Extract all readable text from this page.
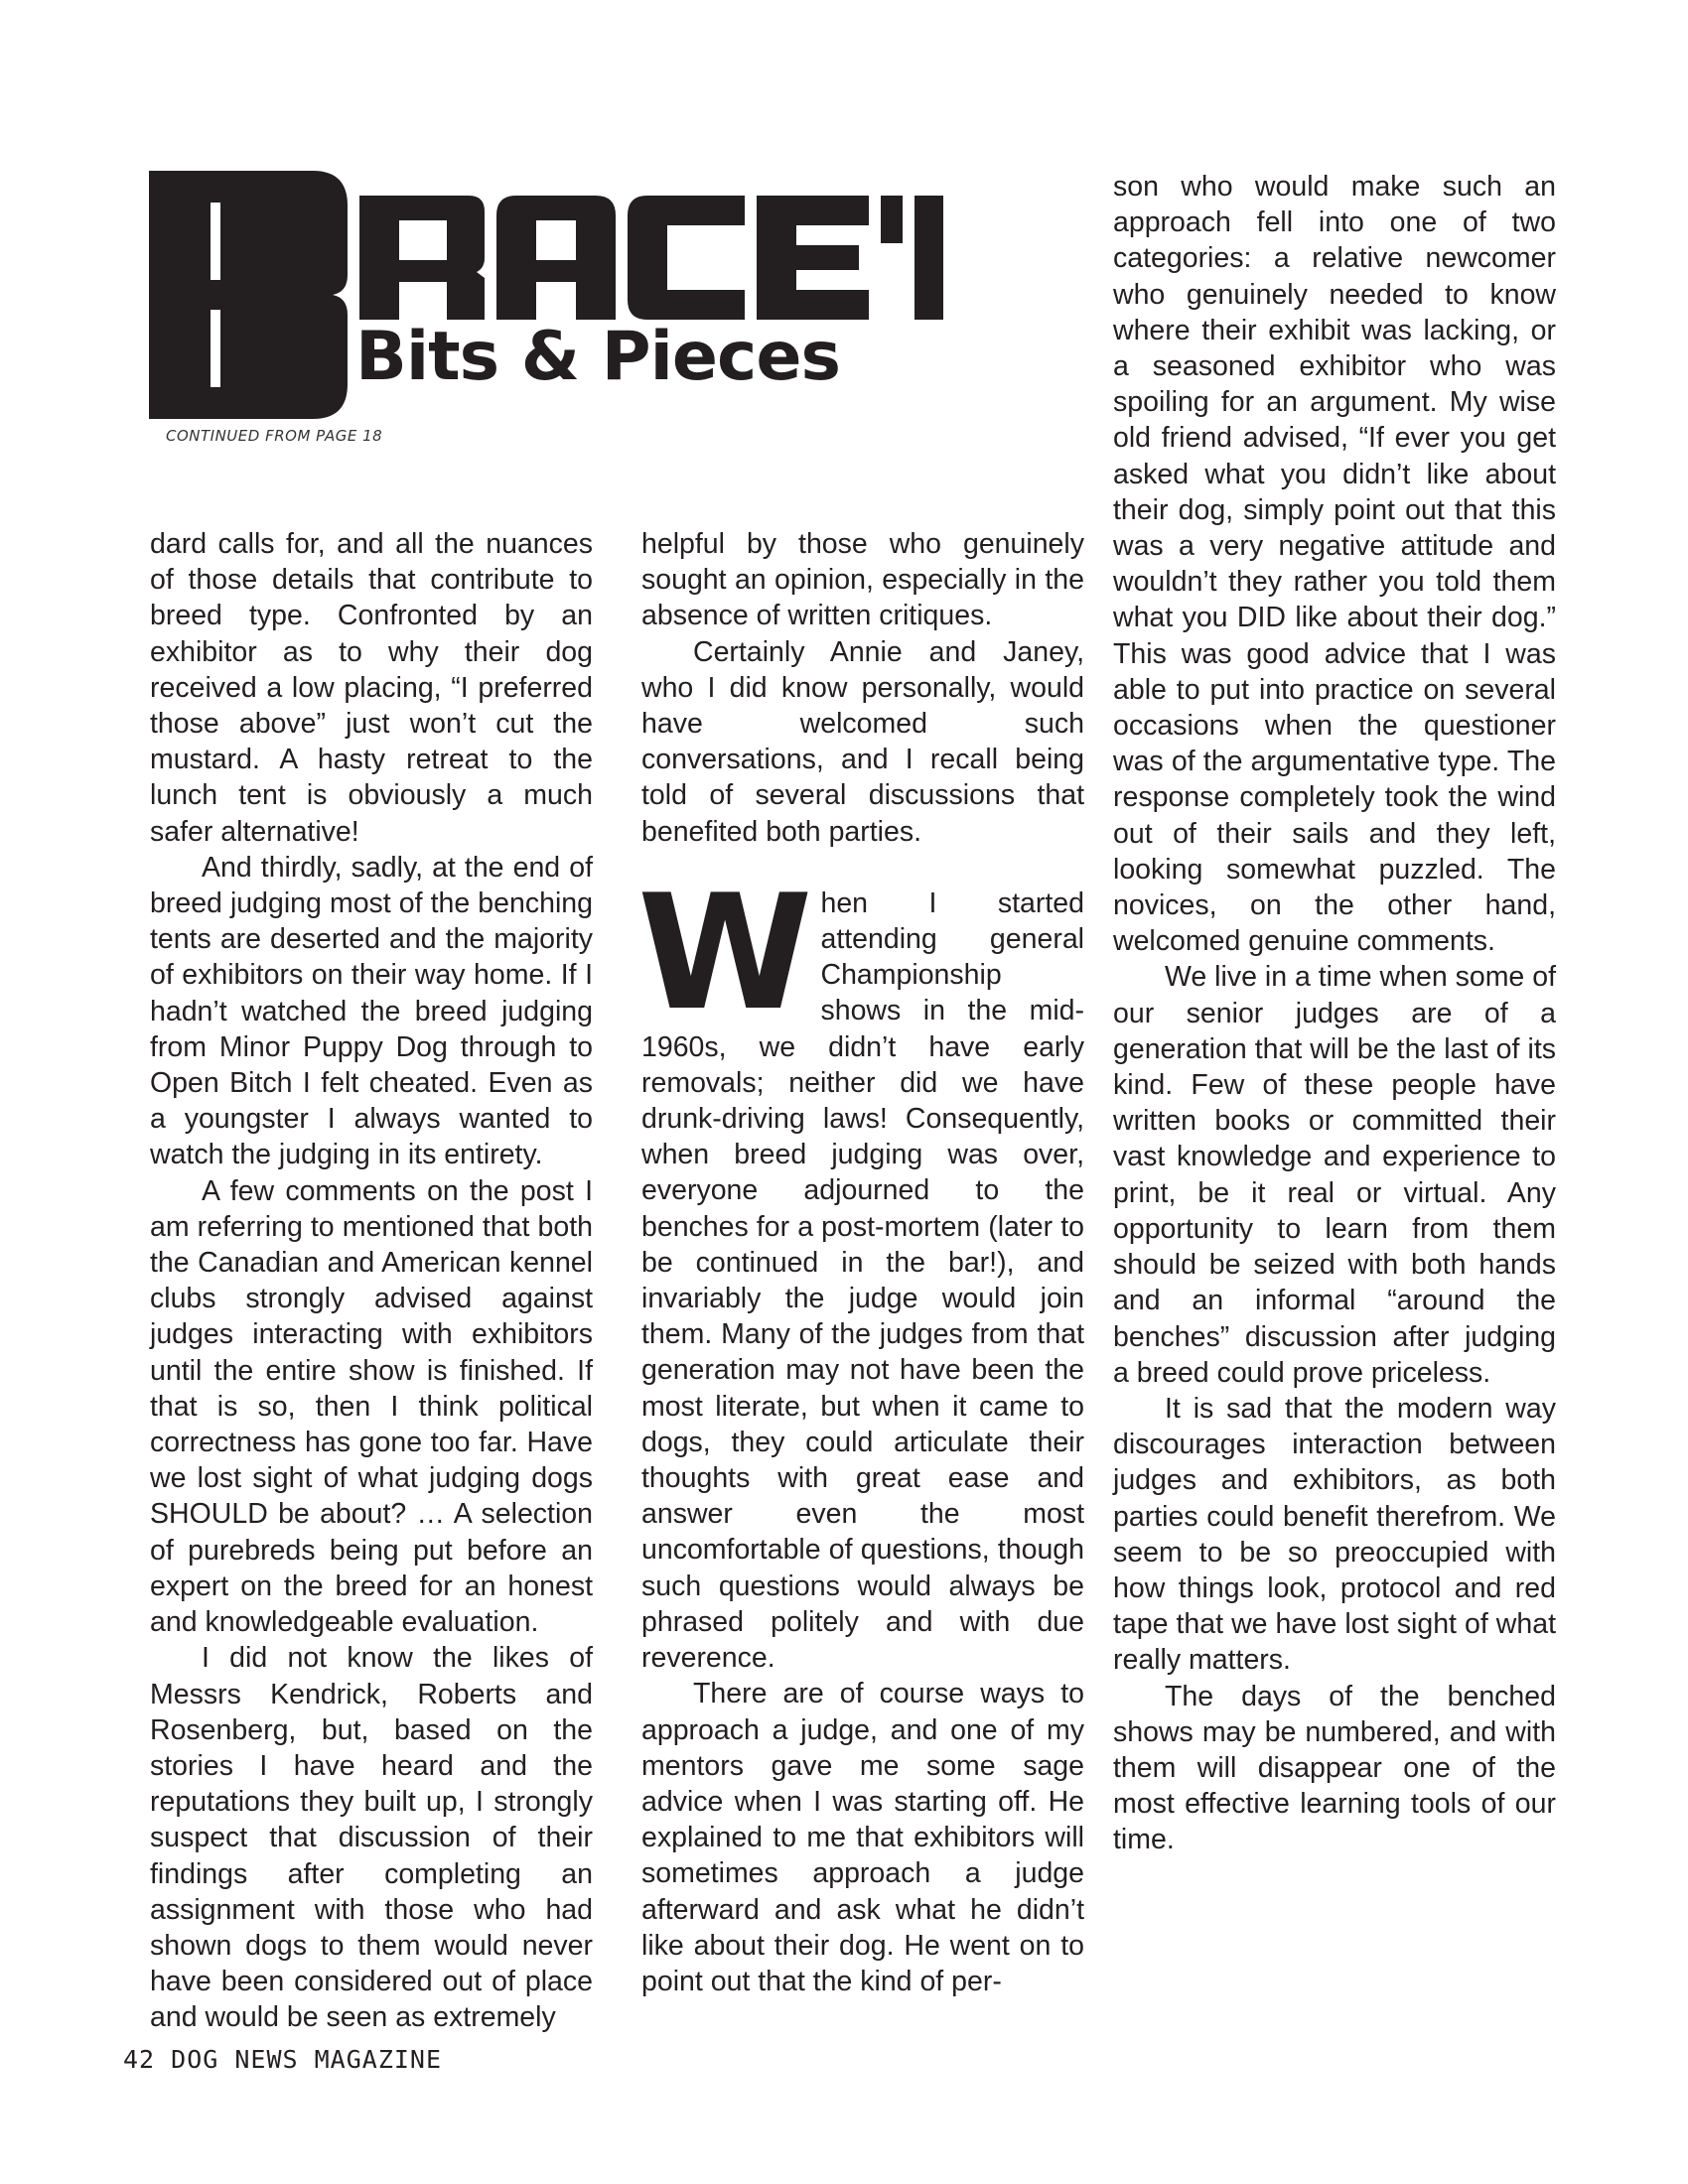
Bits & Pieces
CONTINUED FROM PAGE 18

dard calls for, and all the nuances of those details that contribute to breed type. Confronted by an exhibitor as to why their dog received a low placing, “I preferred those above” just won’t cut the mustard. A hasty retreat to the lunch tent is obviously a much safer alternative!

And thirdly, sadly, at the end of breed judging most of the benching tents are deserted and the majority of exhibitors on their way home. If I hadn’t watched the breed judging from Minor Puppy Dog through to Open Bitch I felt cheated. Even as a youngster I always wanted to watch the judging in its entirety.

A few comments on the post I am referring to mentioned that both the Canadian and American kennel clubs strongly advised against judges interacting with exhibitors until the entire show is finished. If that is so, then I think political correctness has gone too far. Have we lost sight of what judging dogs SHOULD be about? … A selection of purebreds being put before an expert on the breed for an honest and knowledgeable evaluation.

I did not know the likes of Messrs Kendrick, Roberts and Rosenberg, but, based on the stories I have heard and the reputations they built up, I strongly suspect that discussion of their findings after completing an assignment with those who had shown dogs to them would never have been considered out of place and would be seen as extremely

helpful by those who genuinely sought an opinion, especially in the absence of written critiques.

Certainly Annie and Janey, who I did know personally, would have welcomed such conversations, and I recall being told of several discussions that benefited both parties.

When I started attending general Championship shows in the mid-1960s, we didn’t have early removals; neither did we have drunk-driving laws! Consequently, when breed judging was over, everyone adjourned to the benches for a post-mortem (later to be continued in the bar!), and invariably the judge would join them. Many of the judges from that generation may not have been the most literate, but when it came to dogs, they could articulate their thoughts with great ease and answer even the most uncomfortable of questions, though such questions would always be phrased politely and with due reverence.

There are of course ways to approach a judge, and one of my mentors gave me some sage advice when I was starting off. He explained to me that exhibitors will sometimes approach a judge afterward and ask what he didn’t like about their dog. He went on to point out that the kind of per-

son who would make such an approach fell into one of two categories: a relative newcomer who genuinely needed to know where their exhibit was lacking, or a seasoned exhibitor who was spoiling for an argument. My wise old friend advised, “If ever you get asked what you didn’t like about their dog, simply point out that this was a very negative attitude and wouldn’t they rather you told them what you DID like about their dog.” This was good advice that I was able to put into practice on several occasions when the questioner was of the argumentative type. The response completely took the wind out of their sails and they left, looking somewhat puzzled. The novices, on the other hand, welcomed genuine comments.

We live in a time when some of our senior judges are of a generation that will be the last of its kind. Few of these people have written books or committed their vast knowledge and experience to print, be it real or virtual. Any opportunity to learn from them should be seized with both hands and an informal “around the benches” discussion after judging a breed could prove priceless.

It is sad that the modern way discourages interaction between judges and exhibitors, as both parties could benefit therefrom. We seem to be so preoccupied with how things look, protocol and red tape that we have lost sight of what really matters.

The days of the benched shows may be numbered, and with them will disappear one of the most effective learning tools of our time.

42 DOG NEWS MAGAZINE
